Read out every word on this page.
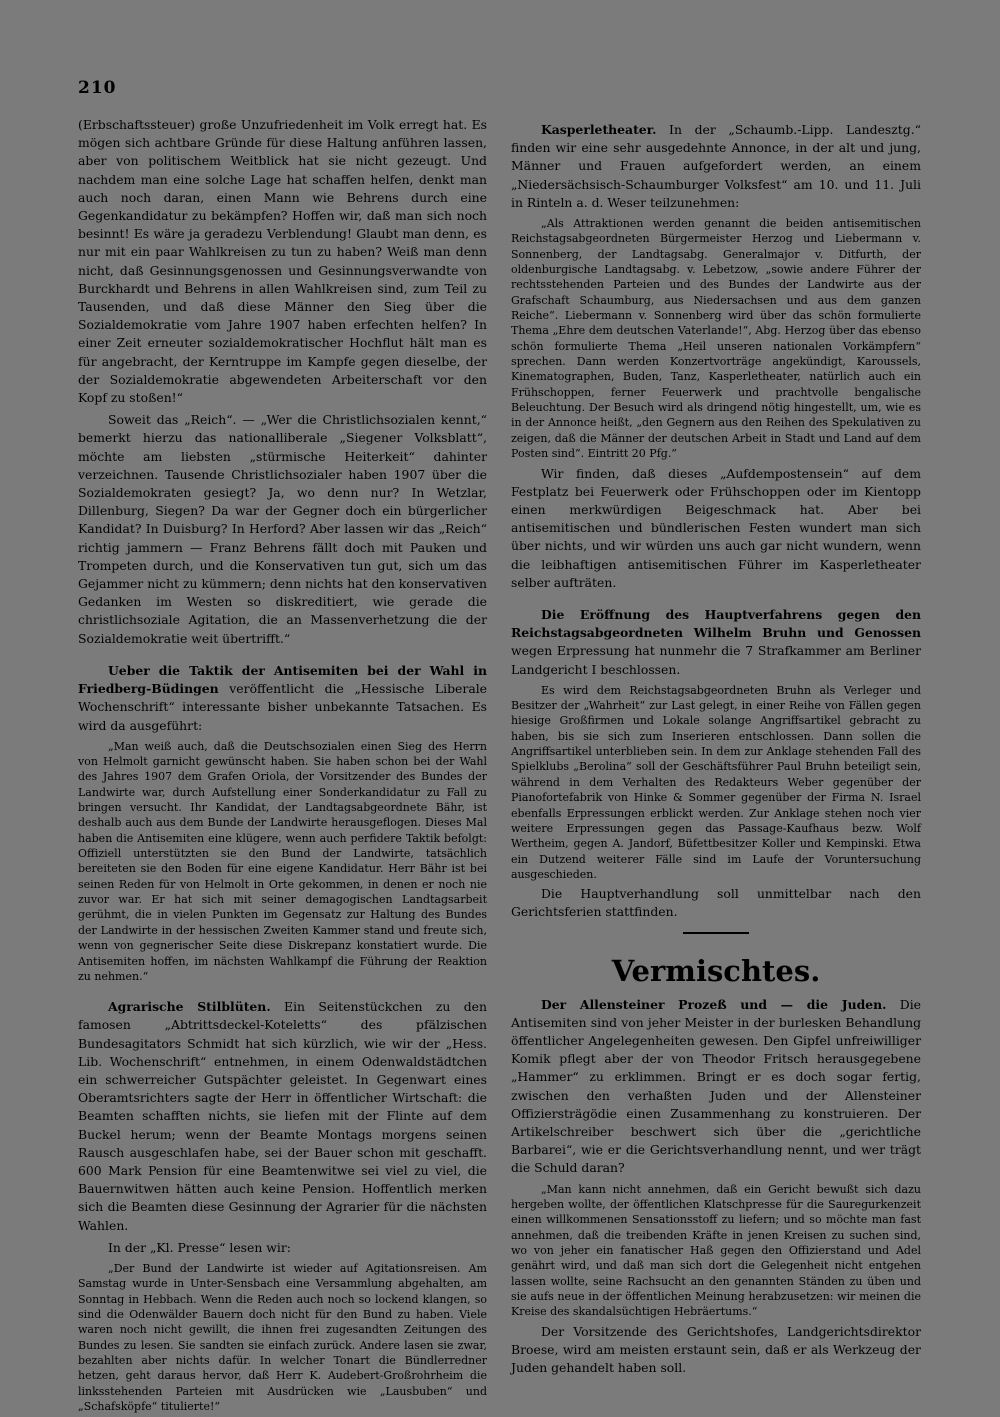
210

(Erbschaftssteuer) große Unzufriedenheit im Volk erregt hat. Es mögen sich achtbare Gründe für diese Haltung anführen lassen, aber von politischem Weitblick hat sie nicht gezeugt. Und nachdem man eine solche Lage hat schaffen helfen, denkt man auch noch daran, einen Mann wie Behrens durch eine Gegenkandidatur zu bekämpfen? Hoffen wir, daß man sich noch besinnt! Es wäre ja geradezu Verblendung! Glaubt man denn, es nur mit ein paar Wahlkreisen zu tun zu haben? Weiß man denn nicht, daß Gesinnungsgenossen und Gesinnungsverwandte von Burckhardt und Behrens in allen Wahlkreisen sind, zum Teil zu Tausenden, und daß diese Männer den Sieg über die Sozialdemokratie vom Jahre 1907 haben erfechten helfen? In einer Zeit erneuter sozialdemokratischer Hochflut hält man es für angebracht, der Kerntruppe im Kampfe gegen dieselbe, der der Sozialdemokratie abgewendeten Arbeiterschaft vor den Kopf zu stoßen!“

Soweit das „Reich“. — „Wer die Christlichsozialen kennt,“ bemerkt hierzu das nationalliberale „Siegener Volksblatt“, möchte am liebsten „stürmische Heiterkeit“ dahinter verzeichnen. Tausende Christlichsozialer haben 1907 über die Sozialdemokraten gesiegt? Ja, wo denn nur? In Wetzlar, Dillenburg, Siegen? Da war der Gegner doch ein bürgerlicher Kandidat? In Duisburg? In Herford? Aber lassen wir das „Reich“ richtig jammern — Franz Behrens fällt doch mit Pauken und Trompeten durch, und die Konservativen tun gut, sich um das Gejammer nicht zu kümmern; denn nichts hat den konservativen Gedanken im Westen so diskreditiert, wie gerade die christlichsoziale Agitation, die an Massenverhetzung die der Sozialdemokratie weit übertrifft.“

Ueber die Taktik der Antisemiten bei der Wahl in Friedberg-Büdingen veröffentlicht die „Hessische Liberale Wochenschrift“ interessante bisher unbekannte Tatsachen. Es wird da ausgeführt:

„Man weiß auch, daß die Deutschsozialen einen Sieg des Herrn von Helmolt garnicht gewünscht haben. Sie haben schon bei der Wahl des Jahres 1907 dem Grafen Oriola, der Vorsitzender des Bundes der Landwirte war, durch Aufstellung einer Sonderkandidatur zu Fall zu bringen versucht. Ihr Kandidat, der Landtagsabgeordnete Bähr, ist deshalb auch aus dem Bunde der Landwirte herausgeflogen. Dieses Mal haben die Antisemiten eine klügere, wenn auch perfidere Taktik befolgt: Offiziell unterstützten sie den Bund der Landwirte, tatsächlich bereiteten sie den Boden für eine eigene Kandidatur. Herr Bähr ist bei seinen Reden für von Helmolt in Orte gekommen, in denen er noch nie zuvor war. Er hat sich mit seiner demagogischen Landtagsarbeit gerühmt, die in vielen Punkten im Gegensatz zur Haltung des Bundes der Landwirte in der hessischen Zweiten Kammer stand und freute sich, wenn von gegnerischer Seite diese Diskrepanz konstatiert wurde. Die Antisemiten hoffen, im nächsten Wahlkampf die Führung der Reaktion zu nehmen.“

Agrarische Stilblüten. Ein Seitenstückchen zu den famosen „Abtrittsdeckel-Koteletts“ des pfälzischen Bundesagitators Schmidt hat sich kürzlich, wie wir der „Hess. Lib. Wochenschrift“ entnehmen, in einem Odenwaldstädtchen ein schwerreicher Gutspächter geleistet. In Gegenwart eines Oberamtsrichters sagte der Herr in öffentlicher Wirtschaft: die Beamten schafften nichts, sie liefen mit der Flinte auf dem Buckel herum; wenn der Beamte Montags morgens seinen Rausch ausgeschlafen habe, sei der Bauer schon mit geschafft. 600 Mark Pension für eine Beamtenwitwe sei viel zu viel, die Bauernwitwen hätten auch keine Pension. Hoffentlich merken sich die Beamten diese Gesinnung der Agrarier für die nächsten Wahlen.

In der „Kl. Presse“ lesen wir:

„Der Bund der Landwirte ist wieder auf Agitationsreisen. Am Samstag wurde in Unter-Sensbach eine Versammlung abgehalten, am Sonntag in Hebbach. Wenn die Reden auch noch so lockend klangen, so sind die Odenwälder Bauern doch nicht für den Bund zu haben. Viele waren noch nicht gewillt, die ihnen frei zugesandten Zeitungen des Bundes zu lesen. Sie sandten sie einfach zurück. Andere lasen sie zwar, bezahlten aber nichts dafür. In welcher Tonart die Bündlerredner hetzen, geht daraus hervor, daß Herr K. Audebert-Großrohrheim die linksstehenden Parteien mit Ausdrücken wie „Lausbuben“ und „Schafsköpfe“ titulierte!“

Kasperletheater. In der „Schaumb.-Lipp. Landesztg.“ finden wir eine sehr ausgedehnte Annonce, in der alt und jung, Männer und Frauen aufgefordert werden, an einem „Niedersächsisch-Schaumburger Volksfest“ am 10. und 11. Juli in Rinteln a. d. Weser teilzunehmen:

„Als Attraktionen werden genannt die beiden antisemitischen Reichstagsabgeordneten Bürgermeister Herzog und Liebermann v. Sonnenberg, der Landtagsabg. Generalmajor v. Ditfurth, der oldenburgische Landtagsabg. v. Lebetzow, „sowie andere Führer der rechtsstehenden Parteien und des Bundes der Landwirte aus der Grafschaft Schaumburg, aus Niedersachsen und aus dem ganzen Reiche“. Liebermann v. Sonnenberg wird über das schön formulierte Thema „Ehre dem deutschen Vaterlande!“, Abg. Herzog über das ebenso schön formulierte Thema „Heil unseren nationalen Vorkämpfern“ sprechen. Dann werden Konzertvorträge angekündigt, Karoussels, Kinematographen, Buden, Tanz, Kasperletheater, natürlich auch ein Frühschoppen, ferner Feuerwerk und prachtvolle bengalische Beleuchtung. Der Besuch wird als dringend nötig hingestellt, um, wie es in der Annonce heißt, „den Gegnern aus den Reihen des Spekulativen zu zeigen, daß die Männer der deutschen Arbeit in Stadt und Land auf dem Posten sind“. Eintritt 20 Pfg.“

Wir finden, daß dieses „Aufdempostensein“ auf dem Festplatz bei Feuerwerk oder Frühschoppen oder im Kientopp einen merkwürdigen Beigeschmack hat. Aber bei antisemitischen und bündlerischen Festen wundert man sich über nichts, und wir würden uns auch gar nicht wundern, wenn die leibhaftigen antisemitischen Führer im Kasperletheater selber aufträten.

Die Eröffnung des Hauptverfahrens gegen den Reichstagsabgeordneten Wilhelm Bruhn und Genossen wegen Erpressung hat nunmehr die 7 Strafkammer am Berliner Landgericht I beschlossen.

Es wird dem Reichstagsabgeordneten Bruhn als Verleger und Besitzer der „Wahrheit“ zur Last gelegt, in einer Reihe von Fällen gegen hiesige Großfirmen und Lokale solange Angriffsartikel gebracht zu haben, bis sie sich zum Inserieren entschlossen. Dann sollen die Angriffsartikel unterblieben sein. In dem zur Anklage stehenden Fall des Spielklubs „Berolina“ soll der Geschäftsführer Paul Bruhn beteiligt sein, während in dem Verhalten des Redakteurs Weber gegenüber der Pianofortefabrik von Hinke & Sommer gegenüber der Firma N. Israel ebenfalls Erpressungen erblickt werden. Zur Anklage stehen noch vier weitere Erpressungen gegen das Passage-Kaufhaus bezw. Wolf Wertheim, gegen A. Jandorf, Büfettbesitzer Koller und Kempinski. Etwa ein Dutzend weiterer Fälle sind im Laufe der Voruntersuchung ausgeschieden.

Die Hauptverhandlung soll unmittelbar nach den Gerichtsferien stattfinden.

Vermischtes.

Der Allensteiner Prozeß und — die Juden. Die Antisemiten sind von jeher Meister in der burlesken Behandlung öffentlicher Angelegenheiten gewesen. Den Gipfel unfreiwilliger Komik pflegt aber der von Theodor Fritsch herausgegebene „Hammer“ zu erklimmen. Bringt er es doch sogar fertig, zwischen den verhaßten Juden und der Allensteiner Offiziersträgödie einen Zusammenhang zu konstruieren. Der Artikelschreiber beschwert sich über die „gerichtliche Barbarei“, wie er die Gerichtsverhandlung nennt, und wer trägt die Schuld daran?

„Man kann nicht annehmen, daß ein Gericht bewußt sich dazu hergeben wollte, der öffentlichen Klatschpresse für die Sauregurkenzeit einen willkommenen Sensationsstoff zu liefern; und so möchte man fast annehmen, daß die treibenden Kräfte in jenen Kreisen zu suchen sind, wo von jeher ein fanatischer Haß gegen den Offizierstand und Adel genährt wird, und daß man sich dort die Gelegenheit nicht entgehen lassen wollte, seine Rachsucht an den genannten Ständen zu üben und sie aufs neue in der öffentlichen Meinung herabzusetzen: wir meinen die Kreise des skandalsüchtigen Hebräertums.“

Der Vorsitzende des Gerichtshofes, Landgerichtsdirektor Broese, wird am meisten erstaunt sein, daß er als Werkzeug der Juden gehandelt haben soll.
